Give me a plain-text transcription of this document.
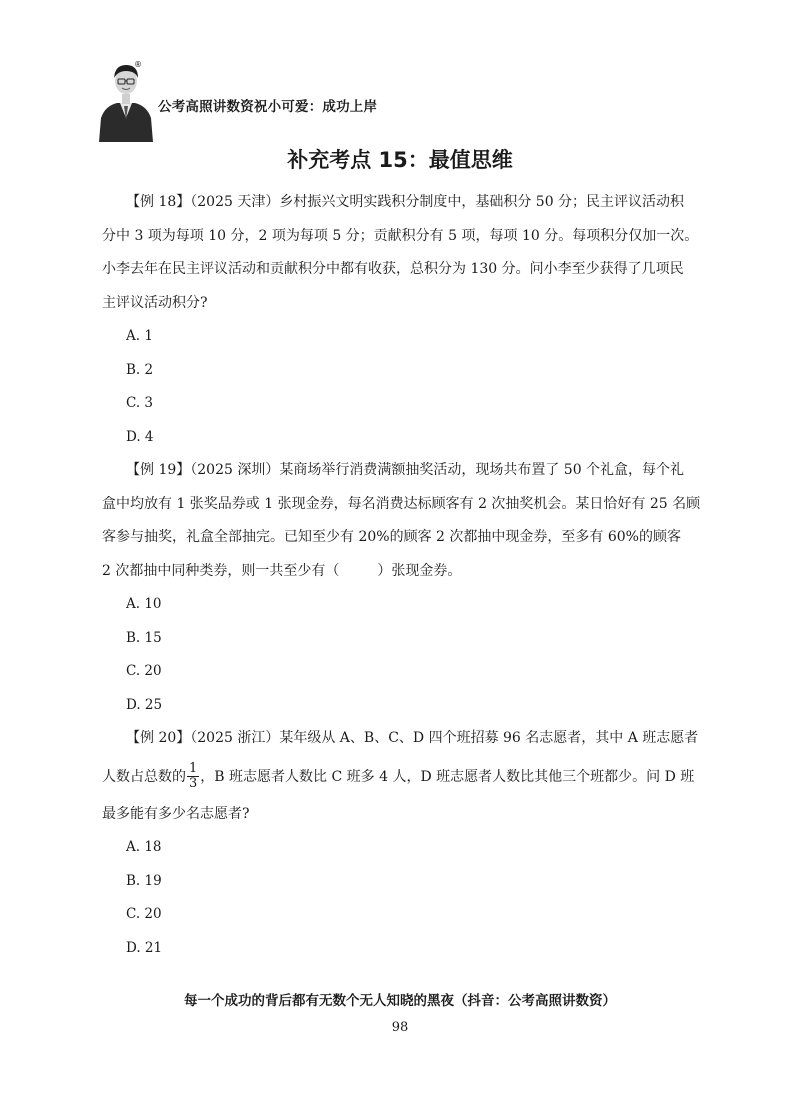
®
公考高照讲数资祝小可爱：成功上岸
补充考点 15：最值思维

【例 18】（2025 天津）乡村振兴文明实践积分制度中，基础积分 50 分；民主评议活动积

分中 3 项为每项 10 分，2 项为每项 5 分；贡献积分有 5 项，每项 10 分。每项积分仅加一次。

小李去年在民主评议活动和贡献积分中都有收获，总积分为 130 分。问小李至少获得了几项民

主评议活动积分?

A. 1
B. 2
C. 3
D. 4

【例 19】（2025 深圳）某商场举行消费满额抽奖活动，现场共布置了 50 个礼盒，每个礼

盒中均放有 1 张奖品券或 1 张现金券，每名消费达标顾客有 2 次抽奖机会。某日恰好有 25 名顾

客参与抽奖，礼盒全部抽完。已知至少有 20%的顾客 2 次都抽中现金券，至多有 60%的顾客

2 次都抽中同种类券，则一共至少有（	）张现金券。

A. 10
B. 15
C. 20
D. 25

【例 20】（2025 浙江）某年级从 A、B、C、D 四个班招募 96 名志愿者，其中 A 班志愿者

人数占总数的 $\frac{1}{3}$ ，B 班志愿者人数比 C 班多 4 人，D 班志愿者人数比其他三个班都少。问 D 班

最多能有多少名志愿者?

A. 18
B. 19
C. 20
D. 21
每一个成功的背后都有无数个无人知晓的黑夜（抖音：公考高照讲数资）
98
